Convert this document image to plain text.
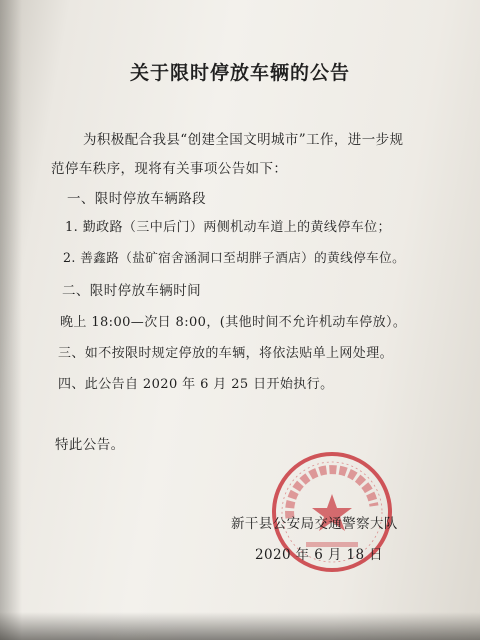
关于限时停放车辆的公告
为积极配合我县“创建全国文明城市”工作，进一步规
范停车秩序，现将有关事项公告如下：
一、限时停放车辆路段
1. 勤政路（三中后门）两侧机动车道上的黄线停车位；
2. 善鑫路（盐矿宿舍涵洞口至胡胖子酒店）的黄线停车位。
二、限时停放车辆时间
晚上 18:00—次日 8:00，(其他时间不允许机动车停放）。
三、如不按限时规定停放的车辆，将依法贴单上网处理。
四、此公告自 2020 年 6 月 25 日开始执行。
特此公告。
新干县公安局交通警察大队
2020 年 6 月 18 日
